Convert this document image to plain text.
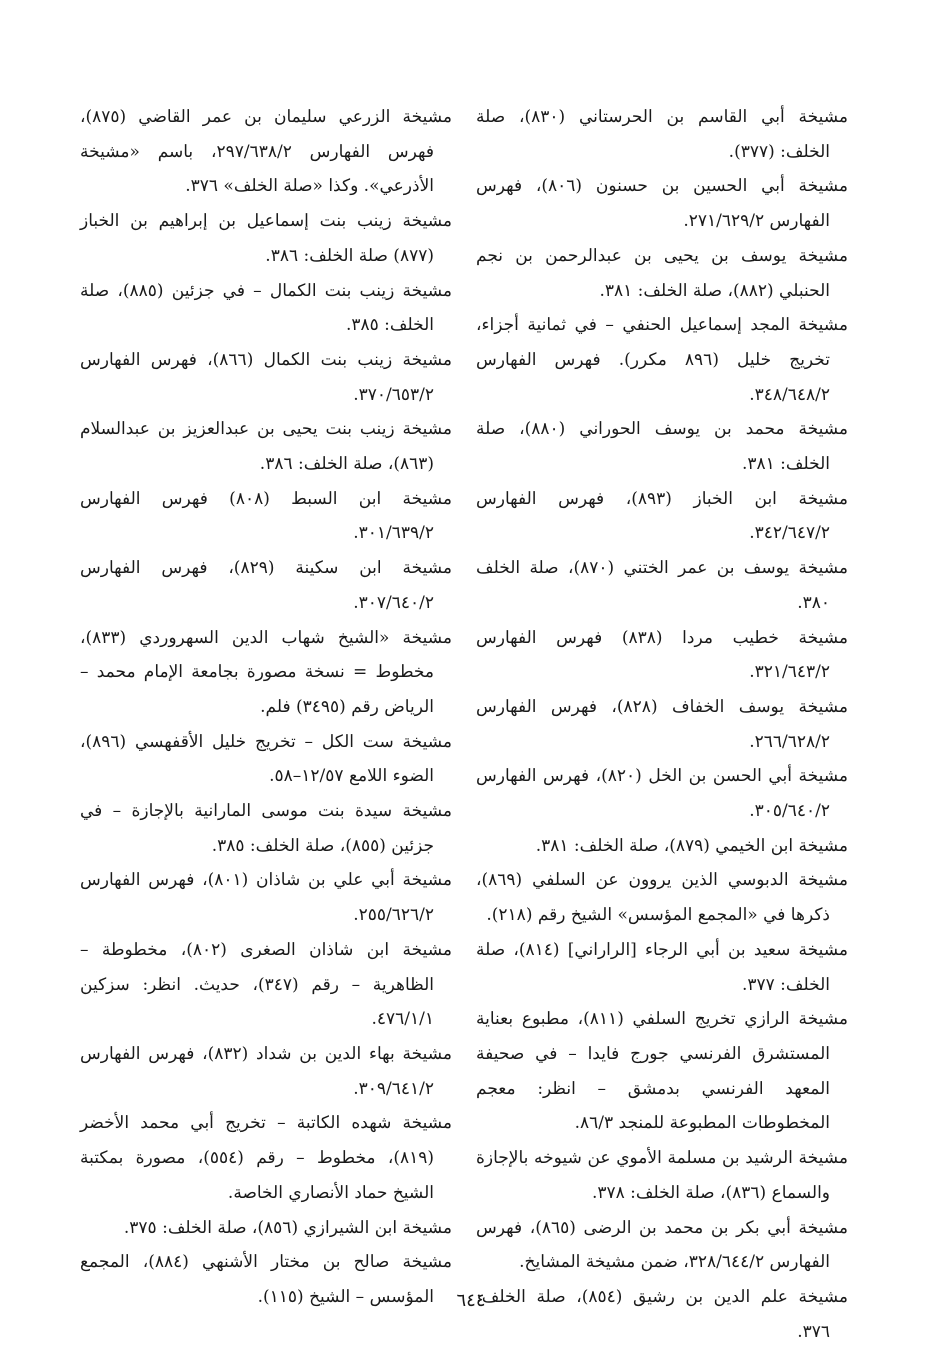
مشيخة أبي القاسم بن الحرستاني (٨٣٠)، صلة الخلف: (٣٧٧).

مشيخة أبي الحسين بن حسنون (٨٠٦)، فهرس الفهارس ٢٧١/٦٢٩/٢.

مشيخة يوسف بن يحيى بن عبدالرحمن بن نجم الحنبلي (٨٨٢)، صلة الخلف: ٣٨١.

مشيخة المجد إسماعيل الحنفي – في ثمانية أجزاء، تخريج خليل (٨٩٦ مكرر). فهرس الفهارس ٣٤٨/٦٤٨/٢.

مشيخة محمد بن يوسف الحوراني (٨٨٠)، صلة الخلف: ٣٨١.

مشيخة ابن الخباز (٨٩٣)، فهرس الفهارس ٣٤٢/٦٤٧/٢.

مشيخة يوسف بن عمر الختني (٨٧٠)، صلة الخلف ٣٨٠.

مشيخة خطيب مردا (٨٣٨) فهرس الفهارس ٣٢١/٦٤٣/٢.

مشيخة يوسف الخفاف (٨٢٨)، فهرس الفهارس ٢٦٦/٦٢٨/٢.

مشيخة أبي الحسن بن الخل (٨٢٠)، فهرس الفهارس ٣٠٥/٦٤٠/٢.

مشيخة ابن الخيمي (٨٧٩)، صلة الخلف: ٣٨١.

مشيخة الدبوسي الذين يروون عن السلفي (٨٦٩)، ذكرها في «المجمع المؤسس» الشيخ رقم (٢١٨).

مشيخة سعيد بن أبي الرجاء [الراراني] (٨١٤)، صلة الخلف: ٣٧٧.

مشيخة الرازي تخريج السلفي (٨١١)، مطبوع بعناية المستشرق الفرنسي جورج فايدا – في صحيفة المعهد الفرنسي بدمشق – انظر: معجم المخطوطات المطبوعة للمنجد ٨٦/٣.

مشيخة الرشيد بن مسلمة الأموي عن شيوخه بالإجازة والسماع (٨٣٦)، صلة الخلف: ٣٧٨.

مشيخة أبي بكر بن محمد بن الرضى (٨٦٥)، فهرس الفهارس ٣٢٨/٦٤٤/٢، ضمن مشيخة المشايخ.

مشيخة علم الدين بن رشيق (٨٥٤)، صلة الخلف: ٣٧٦.

مشيخة الزرعي سليمان بن عمر القاضي (٨٧٥)، فهرس الفهارس ٢٩٧/٦٣٨/٢، باسم «مشيخة الأذرعي». وكذا «صلة الخلف» ٣٧٦.

مشيخة زينب بنت إسماعيل بن إبراهيم بن الخباز (٨٧٧) صلة الخلف: ٣٨٦.

مشيخة زينب بنت الكمال – في جزئين (٨٨٥)، صلة الخلف: ٣٨٥.

مشيخة زينب بنت الكمال (٨٦٦)، فهرس الفهارس ٣٧٠/٦٥٣/٢.

مشيخة زينب بنت يحيى بن عبدالعزيز بن عبدالسلام (٨٦٣)، صلة الخلف: ٣٨٦.

مشيخة ابن السبط (٨٠٨) فهرس الفهارس ٣٠١/٦٣٩/٢.

مشيخة ابن سكينة (٨٢٩)، فهرس الفهارس ٣٠٧/٦٤٠/٢.

مشيخة «الشيخ شهاب الدين السهروردي (٨٣٣)، مخطوط = نسخة مصورة بجامعة الإمام محمد – الرياض رقم (٣٤٩٥) فلم.

مشيخة ست الكل – تخريج خليل الأقفهسي (٨٩٦)، الضوء اللامع ١٢/٥٧–٥٨.

مشيخة سيدة بنت موسى المارانية بالإجازة – في جزئين (٨٥٥)، صلة الخلف: ٣٨٥.

مشيخة أبي علي بن شاذان (٨٠١)، فهرس الفهارس ٢٥٥/٦٢٦/٢.

مشيخة ابن شاذان الصغرى (٨٠٢)، مخطوطة – الظاهرية – رقم (٣٤٧)، حديث. انظر: سزكين ٤٧٦/١/١.

مشيخة بهاء الدين بن شداد (٨٣٢)، فهرس الفهارس ٣٠٩/٦٤١/٢.

مشيخة شهده الكاتبة – تخريج أبي محمد الأخضر (٨١٩)، مخطوط – رقم (٥٥٤)، مصورة بمكتبة الشيخ حماد الأنصاري الخاصة.

مشيخة ابن الشيرازي (٨٥٦)، صلة الخلف: ٣٧٥.

مشيخة صالح بن مختار الأشنهي (٨٨٤)، المجمع المؤسس – الشيخ (١١٥).	٦٤٤
